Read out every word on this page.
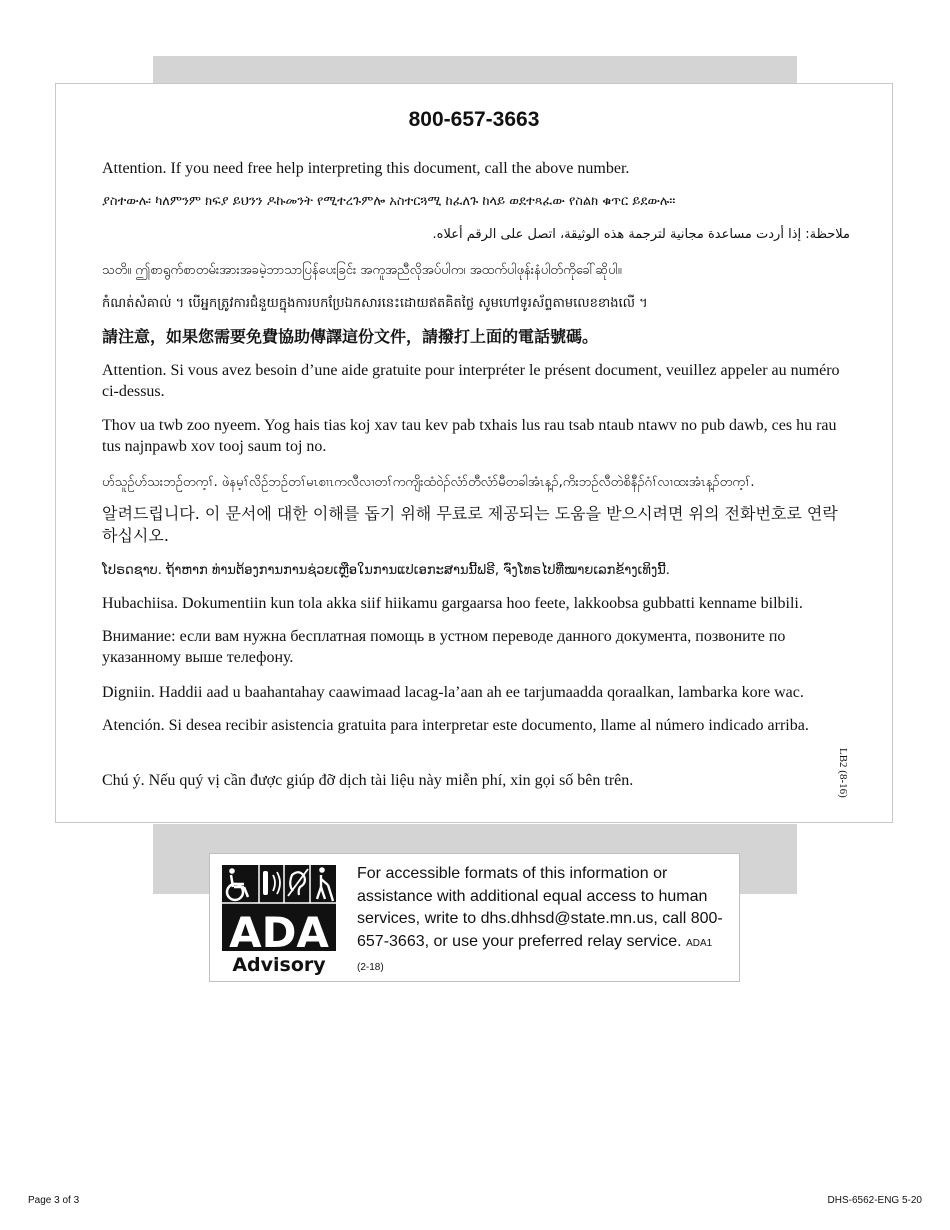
800-657-3663
Attention. If you need free help interpreting this document, call the above number.
ያስተውሉ፡ ካለምንም ክፍያ ይህንን ዶኩመንት የሚተረጉምሎ አስተርጓሚ ከፈለጉ ከላይ ወደተጻፈው የስልክ ቁጥር ይደውሉ።
ملاحظة: إذا أردت مساعدة مجانية لترجمة هذه الوثيقة، اتصل على الرقم أعلاه.
သတိ။ ဤစာရွက်စာတမ်းအားအခမဲ့ဘာသာပြန်ပေးခြင်း အကူအညီလိုအပ်ပါက၊ အထက်ပါဖုန်းနံပါတ်ကိုခေါ်ဆိုပါ။
កំណត់សំគាល់ ។ បើអ្នកត្រូវការជំនួយក្នុងការបកប្រែឯកសារនេះដោយឥតគិតថ្លៃ សូមហៅទូរស័ព្ទតាមលេខខាងលើ ។
請注意，如果您需要免費協助傳譯這份文件，請撥打上面的電話號碼。
Attention. Si vous avez besoin d’une aide gratuite pour interpréter le présent document, veuillez appeler au numéro ci-dessus.
Thov ua twb zoo nyeem. Yog hais tias koj xav tau kev pab txhais lus rau tsab ntaub ntawv no pub dawb, ces hu rau tus najnpawb xov tooj saum toj no.
ဟ်သူဉ်ဟ်သးဘဉ်တက့ၢ်. ဖဲနမ့ၢ်လိဉ်ဘဉ်တၢ်မၤစၢၤကလီလၢတၢ်ကကျိးထံဝဲၣ်လံာ်တီလံာ်မီတခါအံၤန့ၣ်,ကိးဘဉ်လီတဲစိနီၣ်ဂံၢ်လၢထးအံၤန့ၣ်တက့ၢ်.
알려드립니다. 이 문서에 대한 이해를 돕기 위해 무료로 제공되는 도움을 받으시려면 위의 전화번호로 연락하십시오.
ໂປຣດຊາບ. ຖ້າຫາກ ທ່ານຕ້ອງການການຊ່ວຍເຫຼືອໃນການແປເອກະສານນີ້ຟຣີ, ຈົ່ງໂທຣໄປທີ່ໝາຍເລກຂ້າງເທິງນີ້.
Hubachiisa. Dokumentiin kun tola akka siif hiikamu gargaarsa hoo feete, lakkoobsa gubbatti kenname bilbili.
Внимание: если вам нужна бесплатная помощь в устном переводе данного документа, позвоните по указанному выше телефону.
Digniin. Haddii aad u baahantahay caawimaad lacag-la’aan ah ee tarjumaadda qoraalkan, lambarka kore wac.
Atención. Si desea recibir asistencia gratuita para interpretar este documento, llame al número indicado arriba.
Chú ý. Nếu quý vị cần được giúp đỡ dịch tài liệu này miễn phí, xin gọi số bên trên.	LB2 (8-16)
ADA
Advisory
For accessible formats of this information or assistance with additional equal access to human services, write to dhs.dhhsd@state.mn.us, call 800-657-3663, or use your preferred relay service. ADA1 (2-18)
Page 3 of 3	DHS-6562-ENG 5-20
